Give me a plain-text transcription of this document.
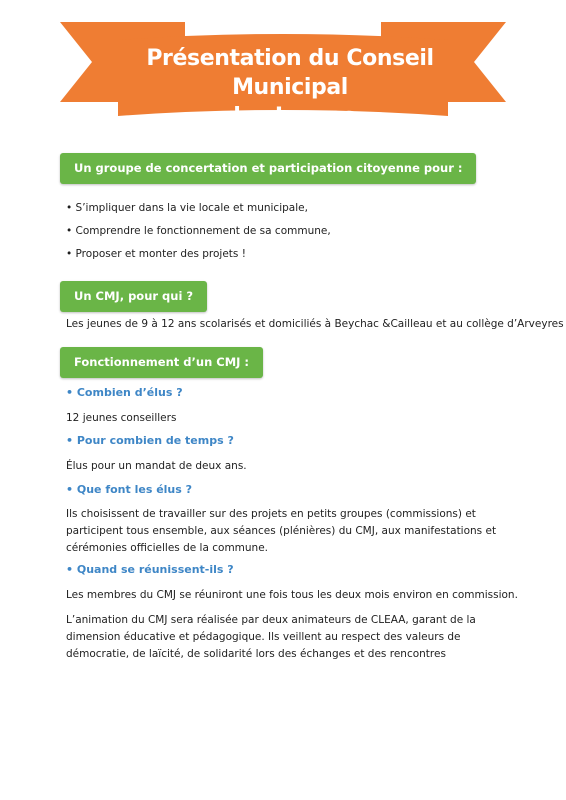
Présentation du Conseil Municipal
des Jeunes
Un groupe de concertation et participation citoyenne pour :
• S’impliquer dans la vie locale et municipale,
• Comprendre le fonctionnement de sa commune,
• Proposer et monter des projets !
Un CMJ, pour qui ?
Les jeunes de 9 à 12 ans scolarisés et domiciliés à Beychac &Cailleau et au collège d’Arveyres
Fonctionnement d’un CMJ :
• Combien d’élus ?
12 jeunes conseillers
• Pour combien de temps ?
Élus pour un mandat de deux ans.
• Que font les élus ?
Ils choisissent de travailler sur des projets en petits groupes (commissions) et participent tous ensemble, aux séances (plénières) du CMJ, aux manifestations et cérémonies officielles de la commune.
• Quand se réunissent-ils ?
Les membres du CMJ se réuniront une fois tous les deux mois environ en commission.
L’animation du CMJ sera réalisée par deux animateurs de CLEAA, garant de la dimension éducative et pédagogique. Ils veillent au respect des valeurs de démocratie, de laïcité, de solidarité lors des échanges et des rencontres
